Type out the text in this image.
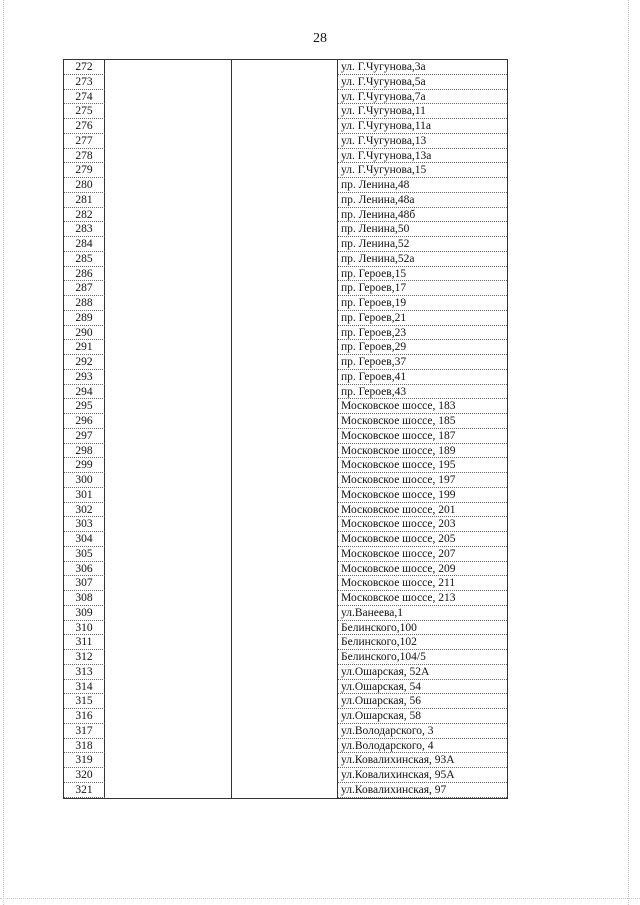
28
272	ул. Г.Чугунова,3а
273	ул. Г.Чугунова,5а
274	ул. Г.Чугунова,7а
275	ул. Г.Чугунова,11
276	ул. Г.Чугунова,11а
277	ул. Г.Чугунова,13
278	ул. Г.Чугунова,13а
279	ул. Г.Чугунова,15
280	пр. Ленина,48
281	пр. Ленина,48а
282	пр. Ленина,48б
283	пр. Ленина,50
284	пр. Ленина,52
285	пр. Ленина,52а
286	пр. Героев,15
287	пр. Героев,17
288	пр. Героев,19
289	пр. Героев,21
290	пр. Героев,23
291	пр. Героев,29
292	пр. Героев,37
293	пр. Героев,41
294	пр. Героев,43
295	Московское шоссе, 183
296	Московское шоссе, 185
297	Московское шоссе, 187
298	Московское шоссе, 189
299	Московское шоссе, 195
300	Московское шоссе, 197
301	Московское шоссе, 199
302	Московское шоссе, 201
303	Московское шоссе, 203
304	Московское шоссе, 205
305	Московское шоссе, 207
306	Московское шоссе, 209
307	Московское шоссе, 211
308	Московское шоссе, 213
309	ул.Ванеева,1
310	Белинского,100
311	Белинского,102
312	Белинского,104/5
313	ул.Ошарская, 52А
314	ул.Ошарская, 54
315	ул.Ошарская, 56
316	ул.Ошарская, 58
317	ул.Володарского, 3
318	ул.Володарского, 4
319	ул.Ковалихинская, 93А
320	ул.Ковалихинская, 95А
321	ул.Ковалихинская, 97
